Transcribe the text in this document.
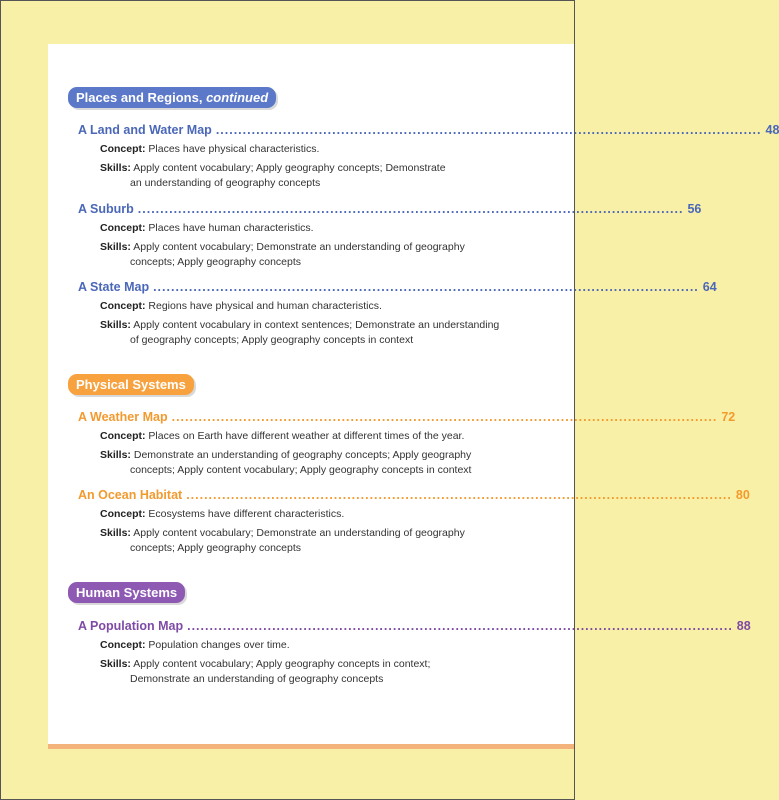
Places and Regions, continued
A Land and Water Map .......................................................................................................................... 48
Concept: Places have physical characteristics.
Skills: Apply content vocabulary; Apply geography concepts; Demonstrate
an understanding of geography concepts
A Suburb .......................................................................................................................... 56
Concept: Places have human characteristics.
Skills: Apply content vocabulary; Demonstrate an understanding of geography
concepts; Apply geography concepts
A State Map .......................................................................................................................... 64
Concept: Regions have physical and human characteristics.
Skills: Apply content vocabulary in context sentences; Demonstrate an understanding
of geography concepts; Apply geography concepts in context
Physical Systems
A Weather Map .......................................................................................................................... 72
Concept: Places on Earth have different weather at different times of the year.
Skills: Demonstrate an understanding of geography concepts; Apply geography
concepts; Apply content vocabulary; Apply geography concepts in context
An Ocean Habitat .......................................................................................................................... 80
Concept: Ecosystems have different characteristics.
Skills: Apply content vocabulary; Demonstrate an understanding of geography
concepts; Apply geography concepts
Human Systems
A Population Map .......................................................................................................................... 88
Concept: Population changes over time.
Skills: Apply content vocabulary; Apply geography concepts in context;
Demonstrate an understanding of geography concepts
